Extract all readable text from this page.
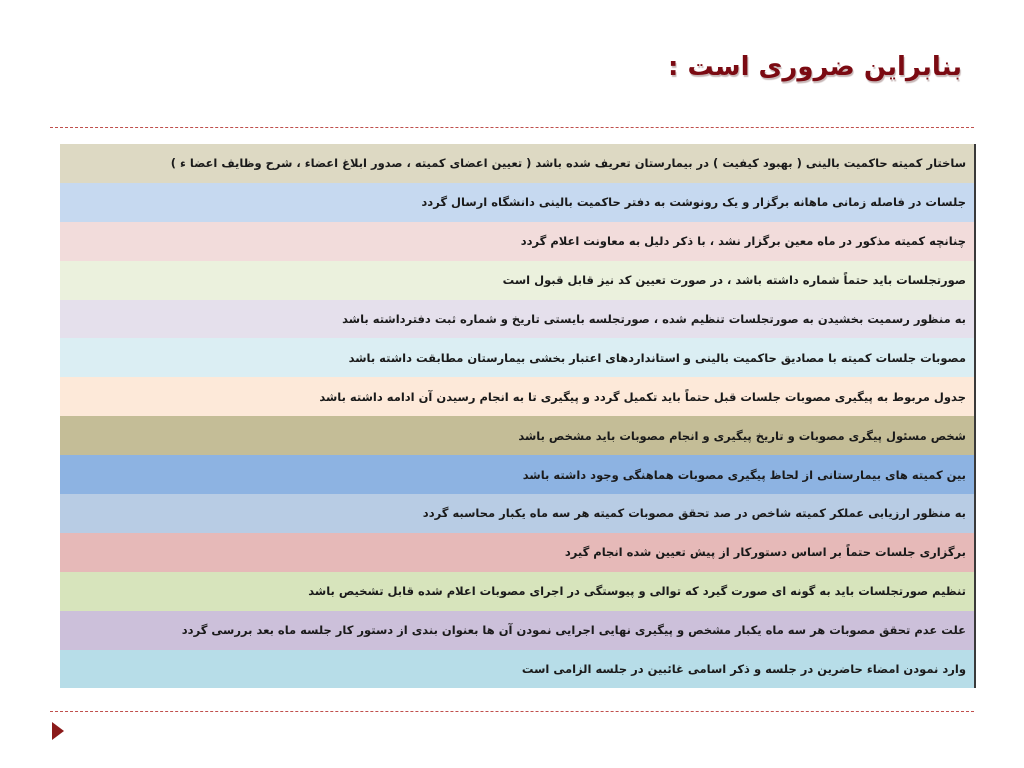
بنابراین ضروری است :
ساختار کمیته حاکمیت بالینی ( بهبود کیفیت ) در بیمارستان تعریف شده باشد ( تعیین اعضای کمیته ، صدور ابلاغ اعضاء ، شرح وظایف اعضا ء )
جلسات در فاصله زمانی ماهانه برگزار و یک رونوشت به دفتر حاکمیت بالینی دانشگاه ارسال گردد
چنانچه کمیته مذکور در ماه معین برگزار نشد ، با ذکر دلیل به معاونت اعلام گردد
صورتجلسات باید حتماً شماره داشته باشد ، در صورت تعیین کد نیز قابل قبول است
به منظور رسمیت بخشیدن به صورتجلسات تنظیم شده ، صورتجلسه بایستی تاریخ و شماره ثبت دفترداشته باشد
مصوبات جلسات کمیته با مصادیق حاکمیت بالینی و استانداردهای اعتبار بخشی بیمارستان مطابقت داشته باشد
جدول مربوط به پیگیری مصوبات جلسات قبل حتماً باید تکمیل گردد و پیگیری تا به انجام رسیدن آن ادامه داشته باشد
شخص مسئول پیگری مصوبات و تاریخ پیگیری و انجام مصوبات باید مشخص باشد
بین کمیته های بیمارستانی از لحاظ پیگیری مصوبات هماهنگی وجود داشته باشد
به منظور ارزیابی عملکر کمیته شاخص در صد تحقق مصوبات کمیته هر سه ماه یکبار محاسبه گردد
برگزاری جلسات حتماً بر اساس دستورکار از پیش تعیین شده انجام گیرد
تنظیم صورتجلسات باید به گونه ای صورت گیرد که توالی و پیوستگی در اجرای مصوبات اعلام شده قابل تشخیص باشد
علت عدم تحقق مصوبات هر سه ماه یکبار مشخص و پیگیری نهایی اجرایی نمودن آن ها بعنوان بندی از دستور کار جلسه ماه بعد بررسی گردد
وارد نمودن امضاء حاضرین در جلسه و ذکر اسامی غائبین در جلسه الزامی است
